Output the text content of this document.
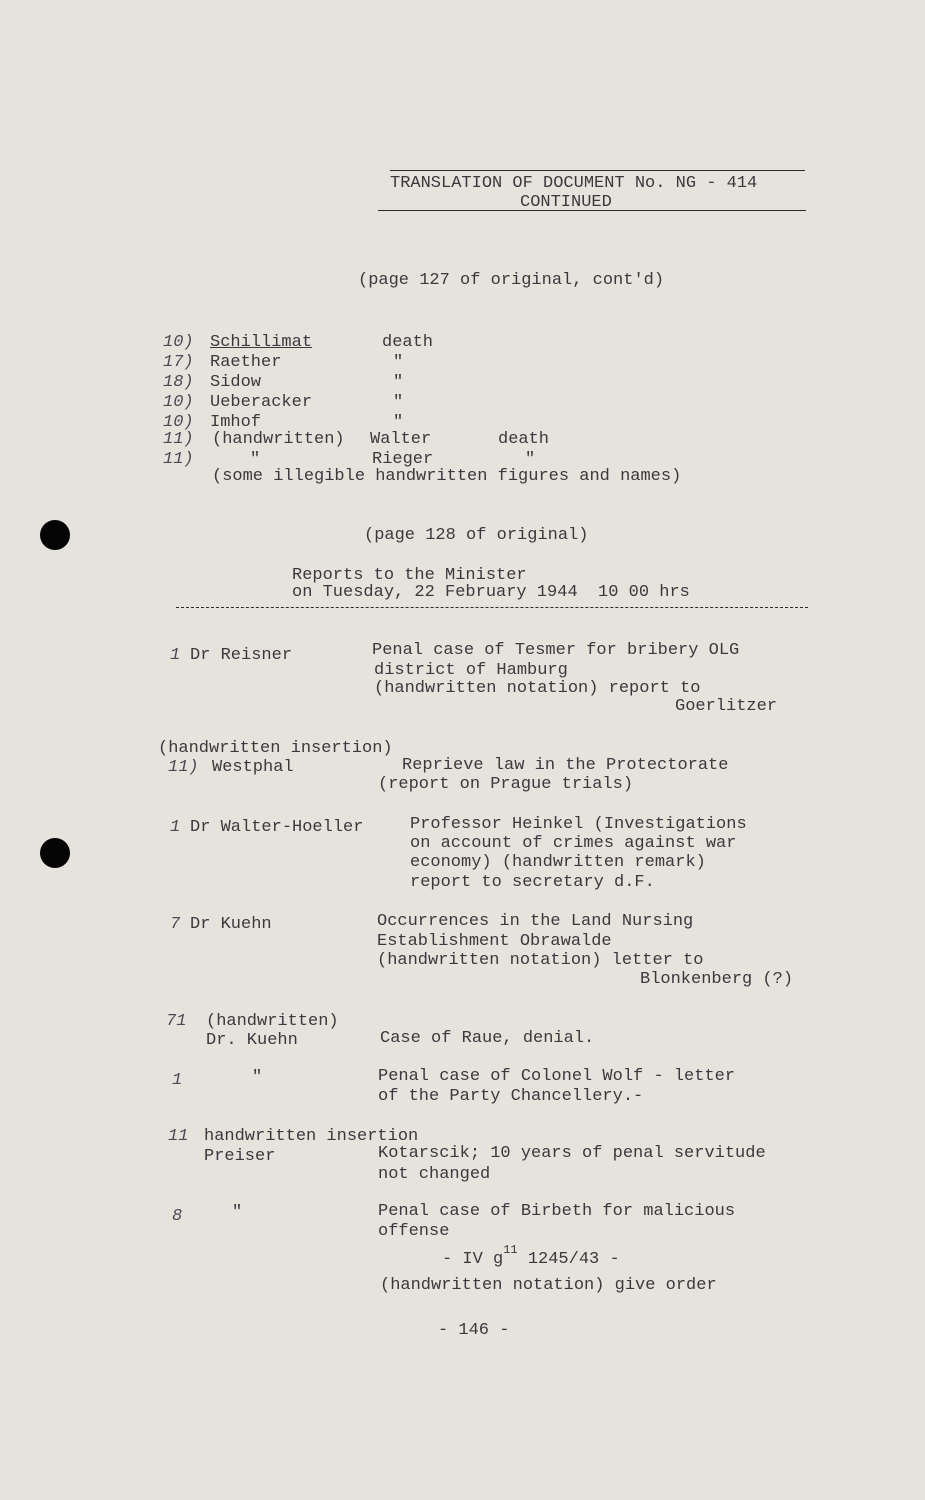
TRANSLATION OF DOCUMENT No. NG - 414
CONTINUED
(page 127 of original, cont'd)
10) Schillimat	death
17) Raether	"
18) Sidow	"
10) Ueberacker	"
10) Imhof	"
11) (handwritten) Walter	death
11)	"	Rieger	"
(some illegible handwritten figures and names)
(page 128 of original)
Reports to the Minister
on Tuesday, 22 February 1944  10 00 hrs
1 Dr Reisner	Penal case of Tesmer for bribery OLG
district of Hamburg
(handwritten notation) report to
Goerlitzer
(handwritten insertion)
11) Westphal	Reprieve law in the Protectorate
(report on Prague trials)
1 Dr Walter-Hoeller	Professor Heinkel (Investigations
on account of crimes against war
economy) (handwritten remark)
report to secretary d.F.
7 Dr Kuehn	Occurrences in the Land Nursing
Establishment Obrawalde
(handwritten notation) letter to
Blonkenberg (?)
71 (handwritten)
Dr. Kuehn	Case of Raue, denial.
1	"	Penal case of Colonel Wolf - letter
of the Party Chancellery.-
11 handwritten insertion
Preiser	Kotarscik; 10 years of penal servitude
not changed
8	"	Penal case of Birbeth for malicious
offense
- IV $g^{11}$ 1245/43 -
(handwritten notation) give order
- 146 -
